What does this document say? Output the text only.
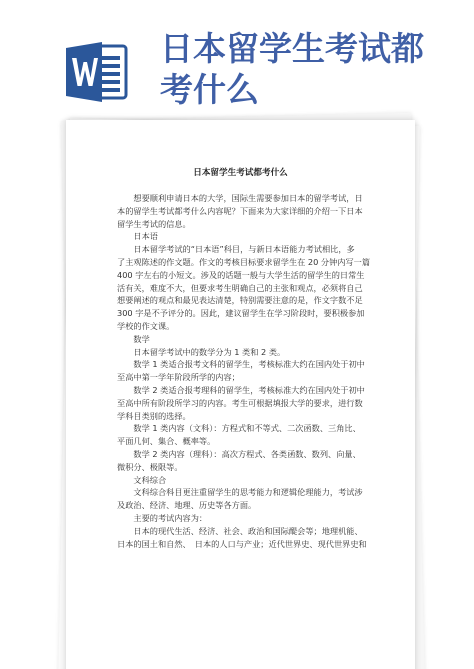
日本留学生考试都
考什么
日本留学生考试都考什么
　　想要顺利申请日本的大学，国际生需要参加日本的留学考试，日
本的留学生考试都考什么内容呢？下面来为大家详细的介绍一下日本
留学生考试的信息。
　　日本语
　　日本留学考试的“日本语”科目，与新日本语能力考试相比，多
了主观陈述的作文题。作文的考核目标要求留学生在 20 分钟内写一篇
400 字左右的小短文。涉及的话题一般与大学生活的留学生的日常生
活有关，难度不大，但要求考生明确自己的主张和观点，必须将自己
想要阐述的观点和最见表达清楚，特别需要注意的是，作文字数不足
300 字是不予评分的。因此，建议留学生在学习阶段时，要积极参加
学校的作文课。
　　数学
　　日本留学考试中的数学分为 1 类和 2 类。
　　数学 1 类适合报考文科的留学生，考核标准大约在国内处于初中
至高中第一学年阶段所学的内容；
　　数学 2 类适合报考理科的留学生，考核标准大约在国内处于初中
至高中所有阶段所学习的内容。考生可根据填报大学的要求，进行数
学科目类别的选择。
　　数学 1 类内容（文科）：方程式和不等式、二次函数、三角比、
平面几何、集合、概率等。
　　数学 2 类内容（理科）：高次方程式、各类函数、数列、向量、
微积分、极限等。
　　文科综合
　　文科综合科目更注重留学生的思考能力和逻辑伦理能力，考试涉
及政治、经济、地理、历史等各方面。
　　主要的考试内容为：
　　日本的现代生活、经济、社会、政治和国际醍会等；地理机能、
日本的国土和自然、　日本的人口与产业；近代世界史、现代世界史和
